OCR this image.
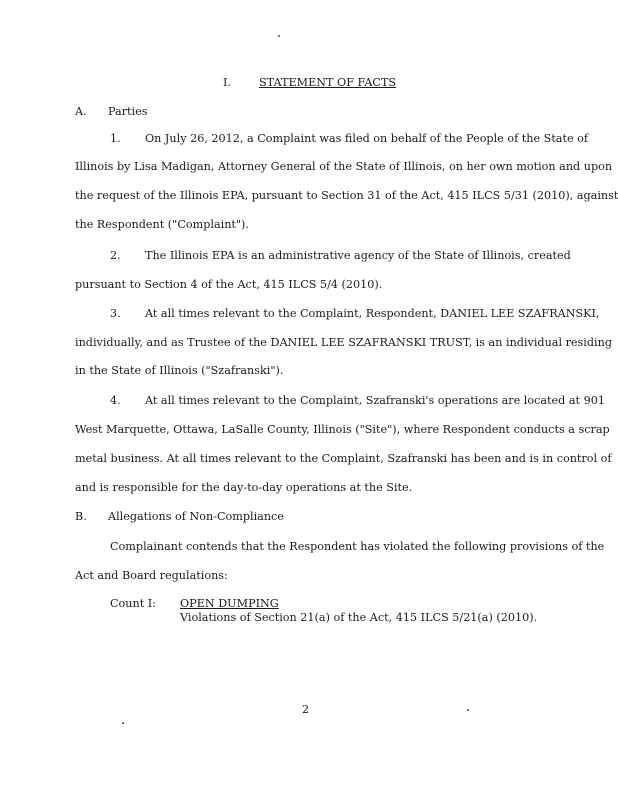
I.	STATEMENT OF FACTS
A. Parties
1. On July 26, 2012, a Complaint was filed on behalf of the People of the State of
Illinois by Lisa Madigan, Attorney General of the State of Illinois, on her own motion and upon
the request of the Illinois EPA, pursuant to Section 31 of the Act, 415 ILCS 5/31 (2010), against
the Respondent ("Complaint").
2. The Illinois EPA is an administrative agency of the State of Illinois, created
pursuant to Section 4 of the Act, 415 ILCS 5/4 (2010).
3. At all times relevant to the Complaint, Respondent, DANIEL LEE SZAFRANSKI,
individually, and as Trustee of the DANIEL LEE SZAFRANSKI TRUST, is an individual residing
in the State of Illinois ("Szafranski").
4. At all times relevant to the Complaint, Szafranski's operations are located at 901
West Marquette, Ottawa, LaSalle County, Illinois ("Site"), where Respondent conducts a scrap
metal business. At all times relevant to the Complaint, Szafranski has been and is in control of
and is responsible for the day-to-day operations at the Site.
B. Allegations of Non-Compliance
Complainant contends that the Respondent has violated the following provisions of the
Act and Board regulations:
Count I: OPEN DUMPING
Violations of Section 21(a) of the Act, 415 ILCS 5/21(a) (2010).
2
